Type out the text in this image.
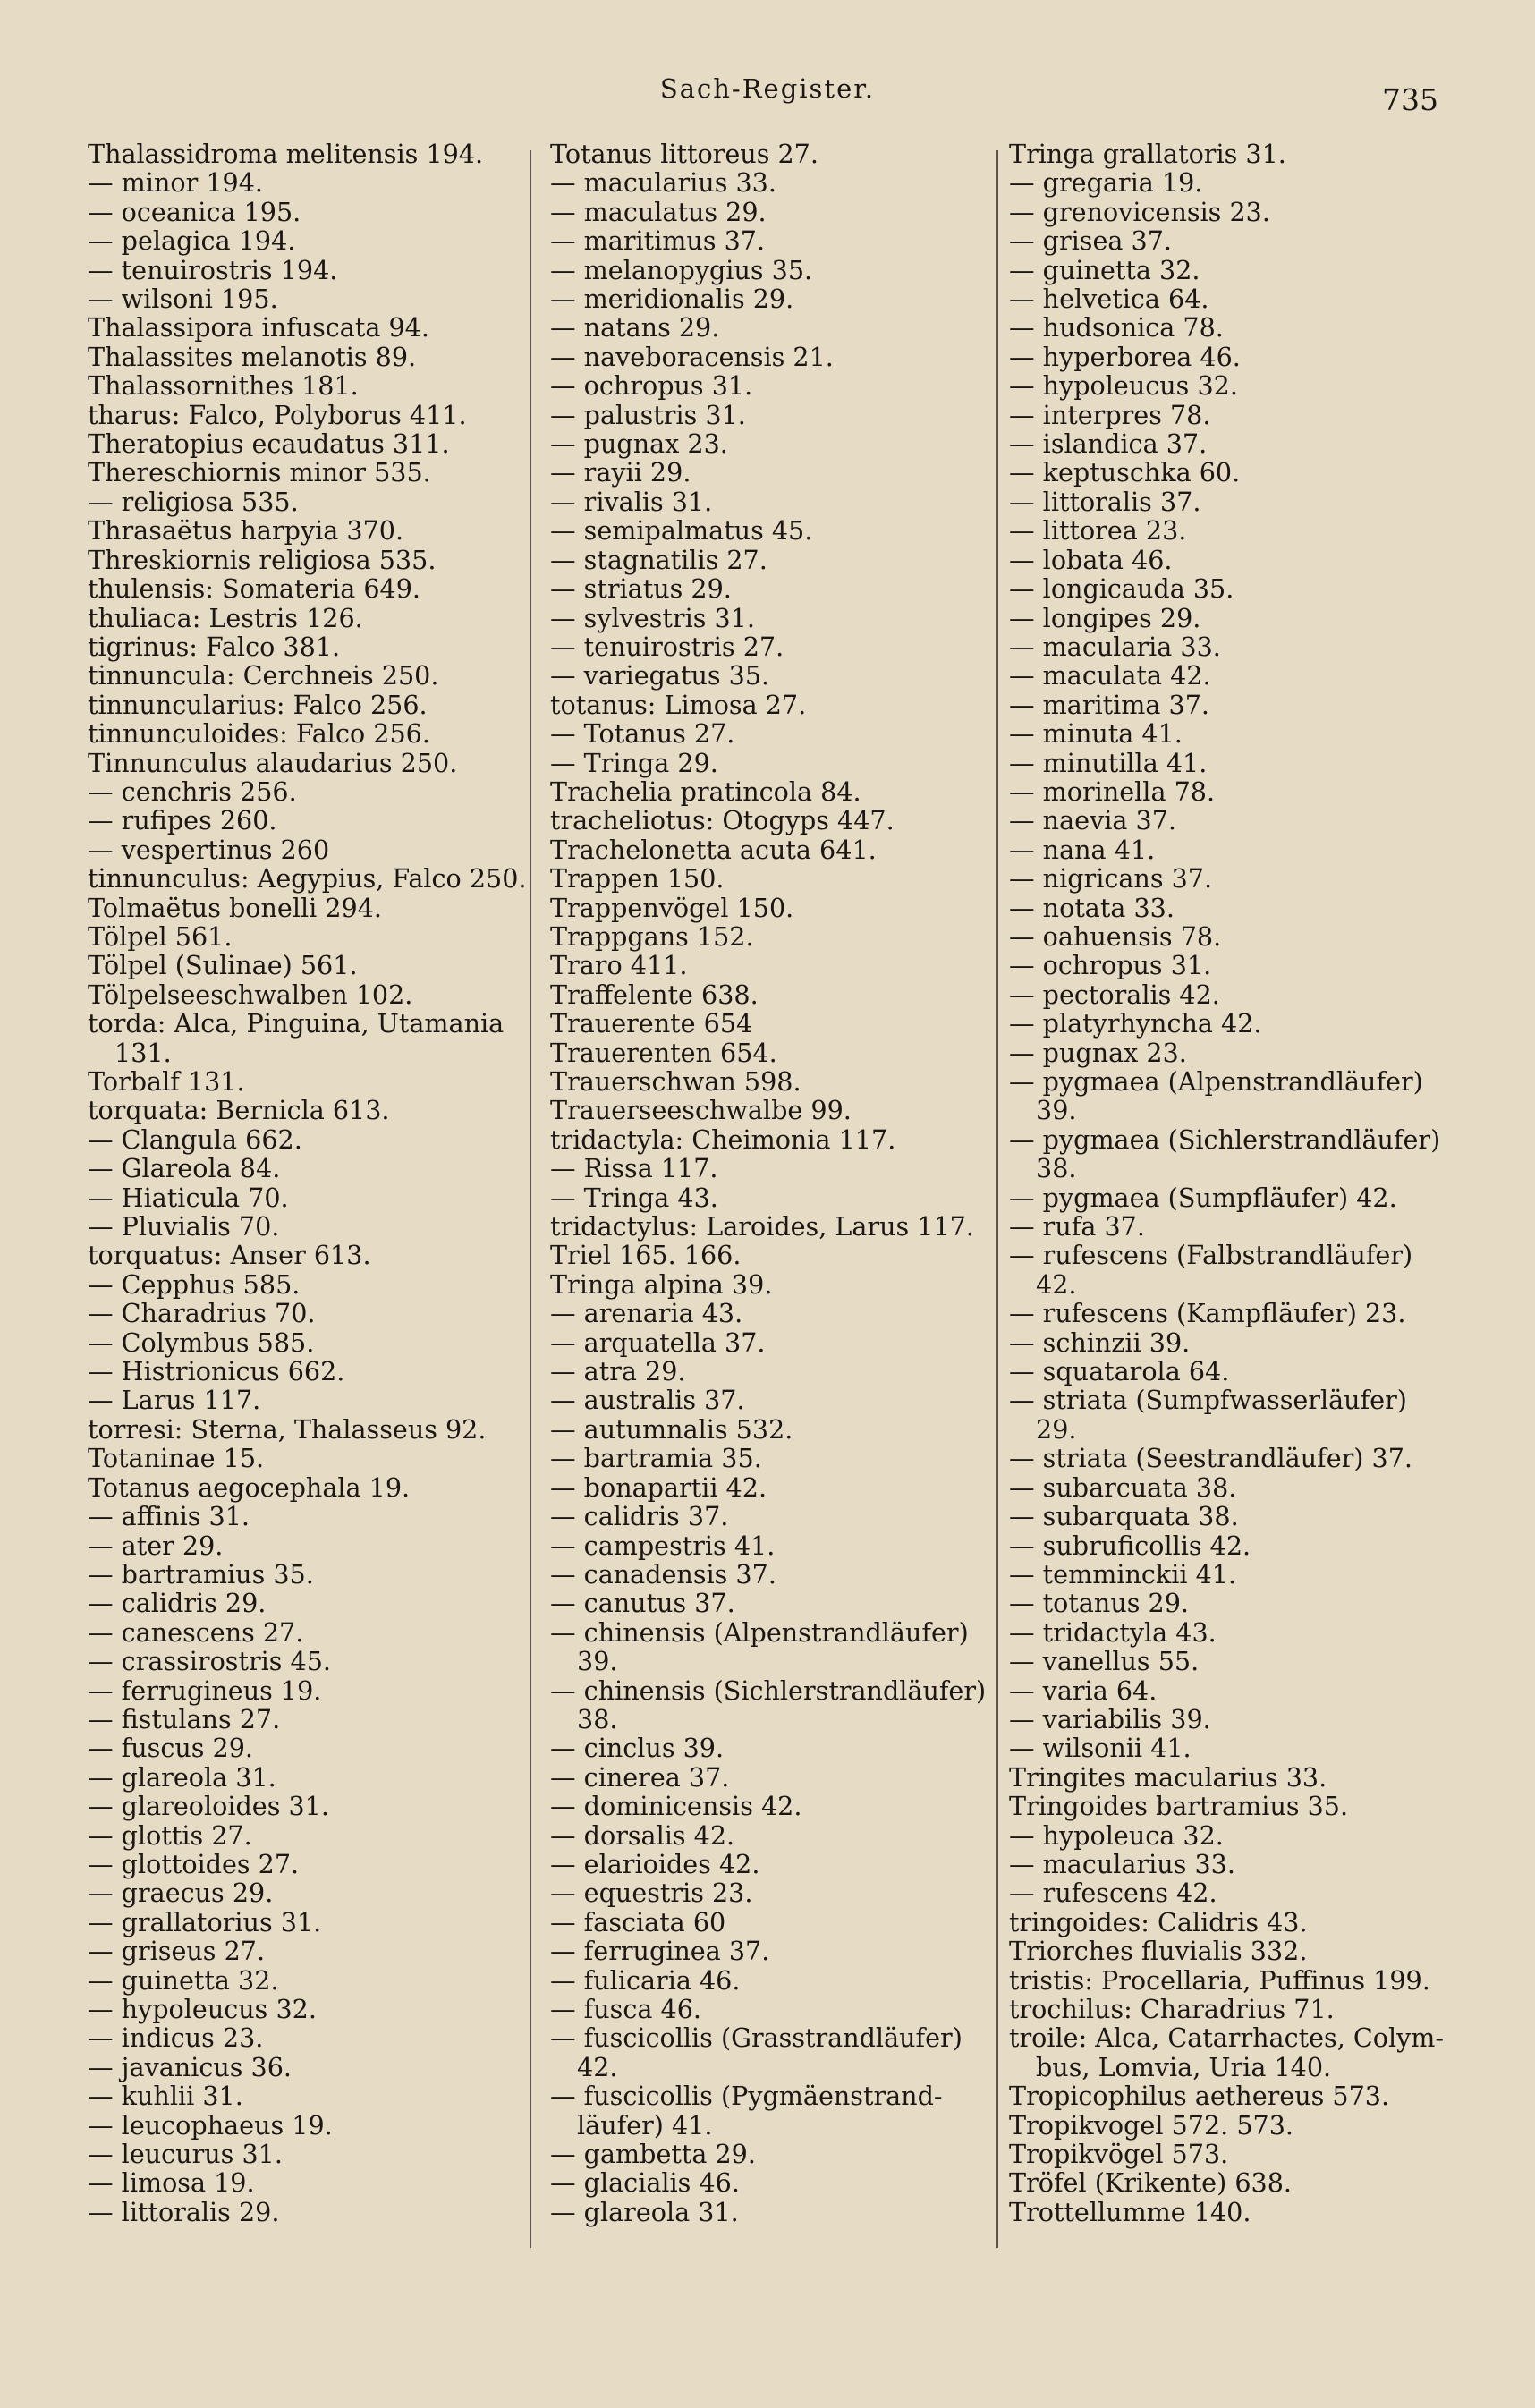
Sach-Register.	735
Thalassidroma melitensis 194.
— minor 194.
— oceanica 195.
— pelagica 194.
— tenuirostris 194.
— wilsoni 195.
Thalassipora infuscata 94.
Thalassites melanotis 89.
Thalassornithes 181.
tharus: Falco, Polyborus 411.
Theratopius ecaudatus 311.
Thereschiornis minor 535.
— religiosa 535.
Thrasaëtus harpyia 370.
Threskiornis religiosa 535.
thulensis: Somateria 649.
thuliaca: Lestris 126.
tigrinus: Falco 381.
tinnuncula: Cerchneis 250.
tinnuncularius: Falco 256.
tinnunculoides: Falco 256.
Tinnunculus alaudarius 250.
— cenchris 256.
— rufipes 260.
— vespertinus 260
tinnunculus: Aegypius, Falco 250.
Tolmaëtus bonelli 294.
Tölpel 561.
Tölpel (Sulinae) 561.
Tölpelseeschwalben 102.
torda: Alca, Pinguina, Utamania
131.
Torbalf 131.
torquata: Bernicla 613.
— Clangula 662.
— Glareola 84.
— Hiaticula 70.
— Pluvialis 70.
torquatus: Anser 613.
— Cepphus 585.
— Charadrius 70.
— Colymbus 585.
— Histrionicus 662.
— Larus 117.
torresi: Sterna, Thalasseus 92.
Totaninae 15.
Totanus aegocephala 19.
— affinis 31.
— ater 29.
— bartramius 35.
— calidris 29.
— canescens 27.
— crassirostris 45.
— ferrugineus 19.
— fistulans 27.
— fuscus 29.
— glareola 31.
— glareoloides 31.
— glottis 27.
— glottoides 27.
— graecus 29.
— grallatorius 31.
— griseus 27.
— guinetta 32.
— hypoleucus 32.
— indicus 23.
— javanicus 36.
— kuhlii 31.
— leucophaeus 19.
— leucurus 31.
— limosa 19.
— littoralis 29.
Totanus littoreus 27.
— macularius 33.
— maculatus 29.
— maritimus 37.
— melanopygius 35.
— meridionalis 29.
— natans 29.
— naveboracensis 21.
— ochropus 31.
— palustris 31.
— pugnax 23.
— rayii 29.
— rivalis 31.
— semipalmatus 45.
— stagnatilis 27.
— striatus 29.
— sylvestris 31.
— tenuirostris 27.
— variegatus 35.
totanus: Limosa 27.
— Totanus 27.
— Tringa 29.
Trachelia pratincola 84.
tracheliotus: Otogyps 447.
Trachelonetta acuta 641.
Trappen 150.
Trappenvögel 150.
Trappgans 152.
Traro 411.
Traffelente 638.
Trauerente 654
Trauerenten 654.
Trauerschwan 598.
Trauerseeschwalbe 99.
tridactyla: Cheimonia 117.
— Rissa 117.
— Tringa 43.
tridactylus: Laroides, Larus 117.
Triel 165. 166.
Tringa alpina 39.
— arenaria 43.
— arquatella 37.
— atra 29.
— australis 37.
— autumnalis 532.
— bartramia 35.
— bonapartii 42.
— calidris 37.
— campestris 41.
— canadensis 37.
— canutus 37.
— chinensis (Alpenstrandläufer)
39.
— chinensis (Sichlerstrandläufer)
38.
— cinclus 39.
— cinerea 37.
— dominicensis 42.
— dorsalis 42.
— elarioides 42.
— equestris 23.
— fasciata 60
— ferruginea 37.
— fulicaria 46.
— fusca 46.
— fuscicollis (Grasstrandläufer)
42.
— fuscicollis (Pygmäenstrand-
läufer) 41.
— gambetta 29.
— glacialis 46.
— glareola 31.
Tringa grallatoris 31.
— gregaria 19.
— grenovicensis 23.
— grisea 37.
— guinetta 32.
— helvetica 64.
— hudsonica 78.
— hyperborea 46.
— hypoleucus 32.
— interpres 78.
— islandica 37.
— keptuschka 60.
— littoralis 37.
— littorea 23.
— lobata 46.
— longicauda 35.
— longipes 29.
— macularia 33.
— maculata 42.
— maritima 37.
— minuta 41.
— minutilla 41.
— morinella 78.
— naevia 37.
— nana 41.
— nigricans 37.
— notata 33.
— oahuensis 78.
— ochropus 31.
— pectoralis 42.
— platyrhyncha 42.
— pugnax 23.
— pygmaea (Alpenstrandläufer)
39.
— pygmaea (Sichlerstrandläufer)
38.
— pygmaea (Sumpfläufer) 42.
— rufa 37.
— rufescens (Falbstrandläufer)
42.
— rufescens (Kampfläufer) 23.
— schinzii 39.
— squatarola 64.
— striata (Sumpfwasserläufer)
29.
— striata (Seestrandläufer) 37.
— subarcuata 38.
— subarquata 38.
— subruficollis 42.
— temminckii 41.
— totanus 29.
— tridactyla 43.
— vanellus 55.
— varia 64.
— variabilis 39.
— wilsonii 41.
Tringites macularius 33.
Tringoides bartramius 35.
— hypoleuca 32.
— macularius 33.
— rufescens 42.
tringoides: Calidris 43.
Triorches fluvialis 332.
tristis: Procellaria, Puffinus 199.
trochilus: Charadrius 71.
troile: Alca, Catarrhactes, Colym-
bus, Lomvia, Uria 140.
Tropicophilus aethereus 573.
Tropikvogel 572. 573.
Tropikvögel 573.
Tröfel (Krikente) 638.
Trottellumme 140.
